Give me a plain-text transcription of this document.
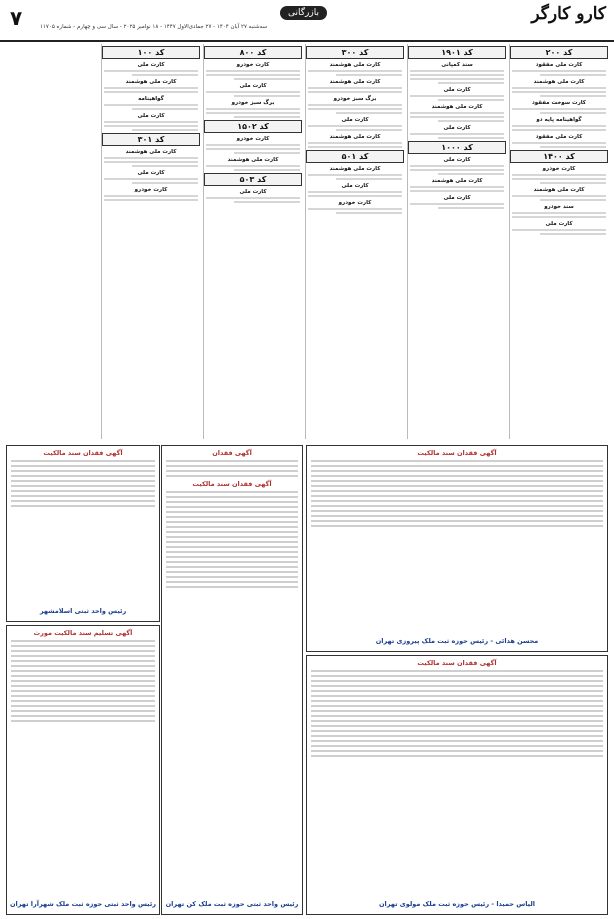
کارو کارگر
بازرگانی
۷	سه‌شنبه ۲۷ آبان ۱۴۰۴ - ۲۷ جمادی‌الاول ۱۴۴۷ - ۱۸ نوامبر ۲۰۲۵ - سال سی و چهارم - شماره ۱۱۷۰۵
کد ۲۰۰
کارت ملی مفقود
کارت ملی هوشمند
کارت سوخت مفقود
گواهینامه پایه دو
کارت ملی مفقود
کد ۱۴۰۰
کارت خودرو
کارت ملی هوشمند
سند خودرو
کارت ملی
کد ۱۹۰۱
سند کمپانی
کارت ملی
کارت ملی هوشمند
کارت ملی
کد ۱۰۰۰
کارت ملی
کارت ملی هوشمند
کارت ملی
کد ۳۰۰
کارت ملی هوشمند
کارت ملی هوشمند
برگ سبز خودرو
کارت ملی
کارت ملی هوشمند
کد ۵۰۱
کارت ملی هوشمند
کارت ملی
کارت خودرو
کد ۸۰۰
کارت خودرو
کارت ملی
برگ سبز خودرو
کد ۱۵۰۲
کارت خودرو
کارت ملی هوشمند
کد ۵۰۳
کارت ملی
کد ۱۰۰
کارت ملی
کارت ملی هوشمند
گواهینامه
کارت ملی
کد ۳۰۱
کارت ملی هوشمند
کارت ملی
کارت خودرو
آگهی فقدان سند مالکیت
محسن هدائی - رئیس حوزه ثبت ملک پیروزی تهران
آگهی فقدان سند مالکیت
الیاس حمیدا - رئیس حوزه ثبت ملک مولوی تهران
آگهی فقدان
آگهی فقدان سند مالکیت
رئیس واحد ثبتی حوزه ثبت ملک کن تهران
آگهی فقدان سند مالکیت
رئیس واحد ثبتی اسلامشهر
آگهی تسلیم سند مالکیت مورث
رئیس واحد ثبتی حوزه ثبت ملک شهرآرا تهران
